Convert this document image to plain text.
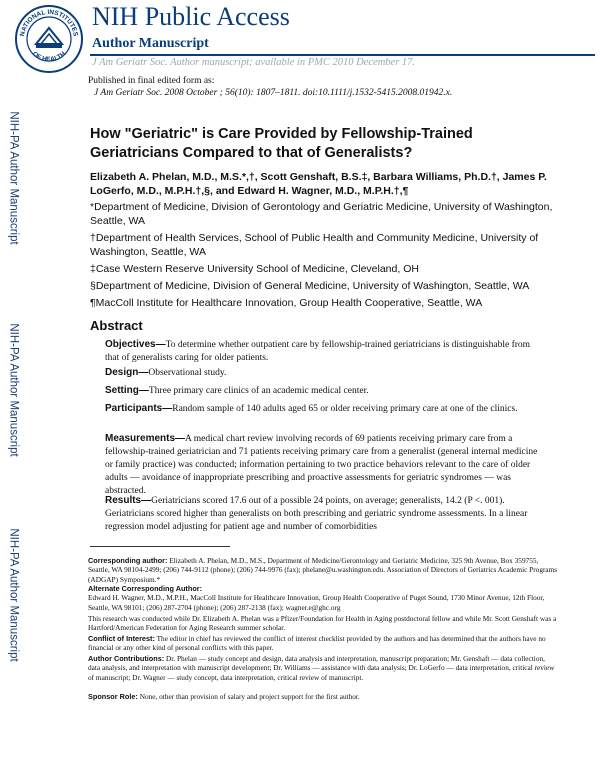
NATIONAL INSTITUTES
OF HEALTH
NIH Public Access
Author Manuscript
J Am Geriatr Soc. Author manuscript; available in PMC 2010 December 17.
Published in final edited form as:
J Am Geriatr Soc. 2008 October ; 56(10): 1807–1811. doi:10.1111/j.1532-5415.2008.01942.x.
NIH-PA Author Manuscript
NIH-PA Author Manuscript
NIH-PA Author Manuscript
How "Geriatric" is Care Provided by Fellowship-Trained Geriatricians Compared to that of Generalists?
Elizabeth A. Phelan, M.D., M.S.*,†, Scott Genshaft, B.S.‡, Barbara Williams, Ph.D.†, James P. LoGerfo, M.D., M.P.H.†,§, and Edward H. Wagner, M.D., M.P.H.†,¶
*Department of Medicine, Division of Gerontology and Geriatric Medicine, University of Washington, Seattle, WA
†Department of Health Services, School of Public Health and Community Medicine, University of Washington, Seattle, WA
‡Case Western Reserve University School of Medicine, Cleveland, OH
§Department of Medicine, Division of General Medicine, University of Washington, Seattle, WA
¶MacColl Institute for Healthcare Innovation, Group Health Cooperative, Seattle, WA
Abstract
Objectives—To determine whether outpatient care by fellowship-trained geriatricians is distinguishable from that of generalists caring for older patients.
Design—Observational study.
Setting—Three primary care clinics of an academic medical center.
Participants—Random sample of 140 adults aged 65 or older receiving primary care at one of the clinics.
Measurements—A medical chart review involving records of 69 patients receiving primary care from a fellowship-trained geriatrician and 71 patients receiving primary care from a generalist (general internal medicine or family practice) was conducted; information pertaining to two practice behaviors relevant to the care of older adults — avoidance of inappropriate prescribing and proactive assessments for geriatric syndromes — was abstracted.
Results—Geriatricians scored 17.6 out of a possible 24 points, on average; generalists, 14.2 (P <. 001). Geriatricians scored higher than generalists on both prescribing and geriatric syndrome assessments. In a linear regression model adjusting for patient age and number of comorbidities
Corresponding author: Elizabeth A. Phelan, M.D., M.S., Department of Medicine/Gerontology and Geriatric Medicine, 325 9th Avenue, Box 359755, Seattle, WA 98104-2499; (206) 744-9112 (phone); (206) 744-9976 (fax); phelane@u.washington.edu. Association of Directors of Geriatrics Academic Programs (ADGAP) Symposium.*
Alternate Corresponding Author:
Edward H. Wagner, M.D., M.P.H., MacColl Institute for Healthcare Innovation, Group Health Cooperative of Puget Sound, 1730 Minor Avenue, 12th Floor, Seattle, WA 98101; (206) 287-2704 (phone); (206) 287-2138 (fax); wagner.e@ghc.org
This research was conducted while Dr. Elizabeth A. Phelan was a Pfizer/Foundation for Health in Aging postdoctoral fellow and while Mr. Scott Genshaft was a Hartford/American Federation for Aging Research summer scholar.
Conflict of Interest: The editor in chief has reviewed the conflict of interest checklist provided by the authors and has determined that the authors have no financial or any other kind of personal conflicts with this paper.
Author Contributions: Dr. Phelan — study concept and design, data analysis and interpretation, manuscript preparation; Mr. Genshaft — data collection, data analysis, and interpretation with manuscript development; Dr. Williams — assistance with data analysis; Dr. LoGerfo — data interpretation, critical review of manuscript; Dr. Wagner — study concept, data interpretation, critical review of manuscript.
Sponsor Role: None, other than provision of salary and project support for the first author.
